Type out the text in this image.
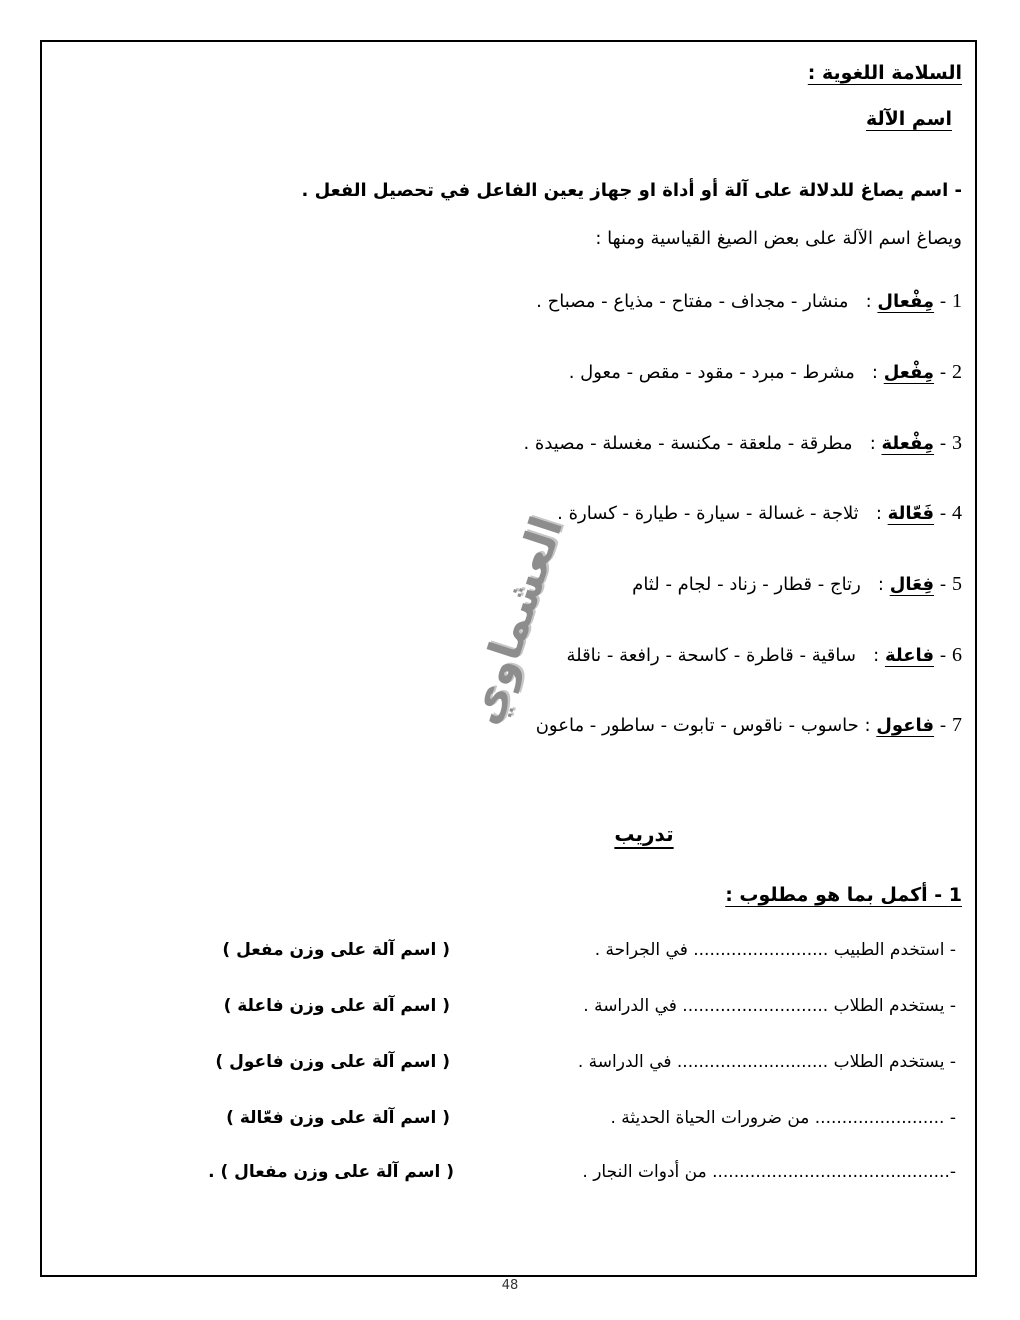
السلامة اللغوية :
اسم الآلة
- اسم يصاغ للدلالة على آلة أو أداة او جهاز يعين الفاعل في تحصيل الفعل .
ويصاغ اسم الآلة على بعض الصيغ القياسية ومنها :
1 - مِفْعال :   منشار - مجداف - مفتاح - مذياع - مصباح .
2 - مِفْعل :   مشرط - مبرد - مقود - مقص - معول .
3 - مِفْعلة :   مطرقة - ملعقة - مكنسة - مغسلة - مصيدة .
4 - فَعّالة :   ثلاجة - غسالة - سيارة - طيارة - كسارة .
5 - فِعَال :   رتاج - قطار - زناد - لجام - لثام
6 - فاعلة :   ساقية - قاطرة - كاسحة - رافعة - ناقلة
7 - فاعول : حاسوب - ناقوس - تابوت - ساطور - ماعون
العشماوي
تدريب
1 - أكمل بما هو مطلوب :
- استخدم الطبيب ......................... في الجراحة .
( اسم آلة على وزن مفعل )
- يستخدم الطلاب ........................... في الدراسة .
( اسم آلة على وزن فاعلة )
- يستخدم الطلاب ............................ في الدراسة .
( اسم آلة على وزن فاعول )
- ........................ من ضرورات الحياة الحديثة .
( اسم آلة على وزن فعّالة )
-............................................ من أدوات النجار .
( اسم آلة على وزن مفعال ) .
48
